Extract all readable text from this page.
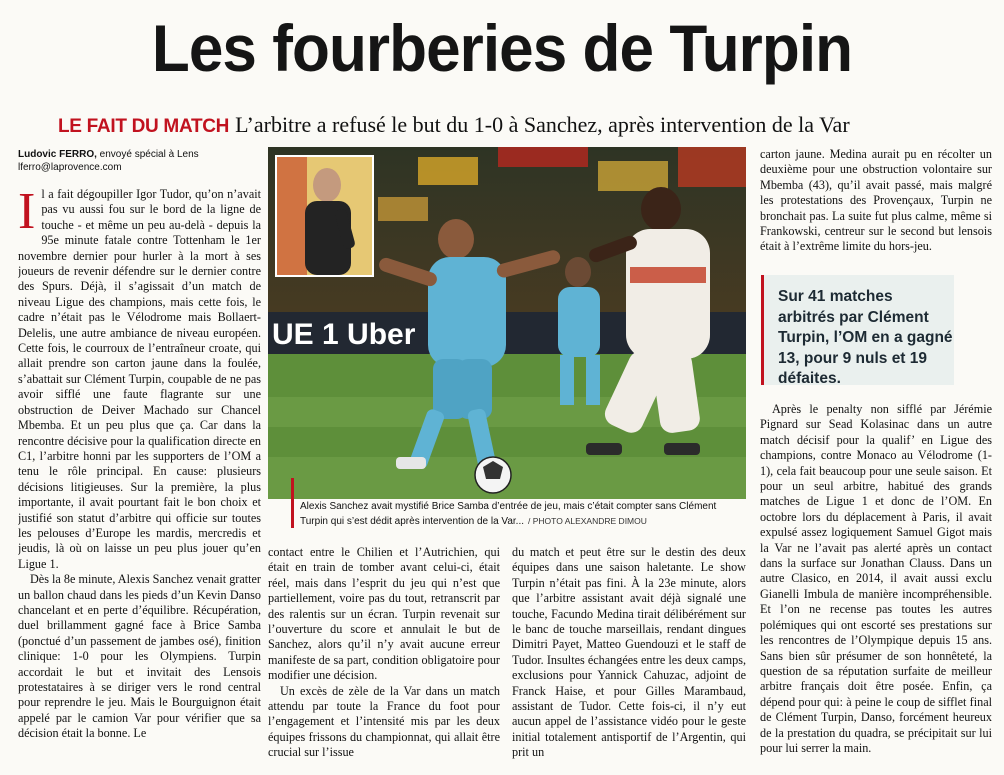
Les fourberies de Turpin
LE FAIT DU MATCH L’arbitre a refusé le but du 1-0 à Sanchez, après intervention de la Var
Ludovic FERRO, envoyé spécial à Lens
lferro@laprovence.com

Il a fait dégoupiller Igor Tudor, qu’on n’avait pas vu aussi fou sur le bord de la ligne de touche - et même un peu au-delà - depuis la 95e minute fatale contre Tottenham le 1er novembre dernier pour hurler à la mort à ses joueurs de revenir défendre sur le dernier contre des Spurs. Déjà, il s’agissait d’un match de niveau Ligue des champions, mais cette fois, le cadre n’était pas le Vélodrome mais Bollaert-Delelis, une autre ambiance de niveau européen. Cette fois, le courroux de l’entraîneur croate, qui allait prendre son carton jaune dans la foulée, s’abattait sur Clément Turpin, coupable de ne pas avoir sifflé une faute flagrante sur une obstruction de Deiver Machado sur Chancel Mbemba. Et un peu plus que ça. Car dans la rencontre décisive pour la qualification directe en C1, l’arbitre honni par les supporters de l’OM a tenu le rôle principal. En cause: plusieurs décisions litigieuses. Sur la première, la plus importante, il avait pourtant fait le bon choix et justifié son statut d’arbitre qui officie sur toutes les pelouses d’Europe les mardis, mercredis et jeudis, là où on laisse un peu plus jouer qu’en Ligue 1.

Dès la 8e minute, Alexis Sanchez venait gratter un ballon chaud dans les pieds d’un Kevin Danso chancelant et en perte d’équilibre. Récupération, duel brillamment gagné face à Brice Samba (ponctué d’un passement de jambes osé), finition clinique: 1-0 pour les Olympiens. Turpin accordait le but et invitait des Lensois protestataires à se diriger vers le rond central pour reprendre le jeu. Mais le Bourguignon était appelé par le camion Var pour vérifier que sa décision était la bonne. Le

UE 1 Uber
Alexis Sanchez avait mystifié Brice Samba d’entrée de jeu, mais c’était compter sans Clément Turpin qui s’est dédit après intervention de la Var... / PHOTO ALEXANDRE DIMOU

contact entre le Chilien et l’Autrichien, qui était en train de tomber avant celui-ci, était réel, mais dans l’esprit du jeu qui n’est que partiellement, voire pas du tout, retranscrit par des ralentis sur un écran. Turpin revenait sur l’ouverture du score et annulait le but de Sanchez, alors qu’il n’y avait aucune erreur manifeste de sa part, condition obligatoire pour modifier une décision.

Un excès de zèle de la Var dans un match attendu par toute la France du foot pour l’engagement et l’intensité mis par les deux équipes frissons du championnat, qui allait être crucial sur l’issue

du match et peut être sur le destin des deux équipes dans une saison haletante. Le show Turpin n’était pas fini. À la 23e minute, alors que l’arbitre assistant avait déjà signalé une touche, Facundo Medina tirait délibérément sur le banc de touche marseillais, rendant dingues Dimitri Payet, Matteo Guendouzi et le staff de Tudor. Insultes échangées entre les deux camps, exclusions pour Yannick Cahuzac, adjoint de Franck Haise, et pour Gilles Marambaud, assistant de Tudor. Cette fois-ci, il n’y eut aucun appel de l’assistance vidéo pour le geste initial totalement antisportif de l’Argentin, qui prit un

carton jaune. Medina aurait pu en récolter un deuxième pour une obstruction volontaire sur Mbemba (43), qu’il avait passé, mais malgré les protestations des Provençaux, Turpin ne bronchait pas. La suite fut plus calme, même si Frankowski, centreur sur le second but lensois était à l’extrême limite du hors-jeu.

Sur 41 matches arbitrés par Clément Turpin, l’OM en a gagné 13, pour 9 nuls et 19 défaites.

Après le penalty non sifflé par Jérémie Pignard sur Sead Kolasinac dans un autre match décisif pour la qualif’ en Ligue des champions, contre Monaco au Vélodrome (1-1), cela fait beaucoup pour une seule saison. Et pour un seul arbitre, habitué des grands matches de Ligue 1 et donc de l’OM. En octobre lors du déplacement à Paris, il avait expulsé assez logiquement Samuel Gigot mais la Var ne l’avait pas alerté après un contact dans la surface sur Jonathan Clauss. Dans un autre Clasico, en 2014, il avait aussi exclu Gianelli Imbula de manière incompréhensible. Et l’on ne recense pas toutes les autres polémiques qui ont escorté ses prestations sur les rencontres de l’Olympique depuis 15 ans. Sans bien sûr présumer de son honnêteté, la question de sa réputation surfaite de meilleur arbitre français doit être posée. Enfin, ça dépend pour qui: à peine le coup de sifflet final de Clément Turpin, Danso, forcément heureux de la prestation du quadra, se précipitait sur lui pour lui serrer la main.
